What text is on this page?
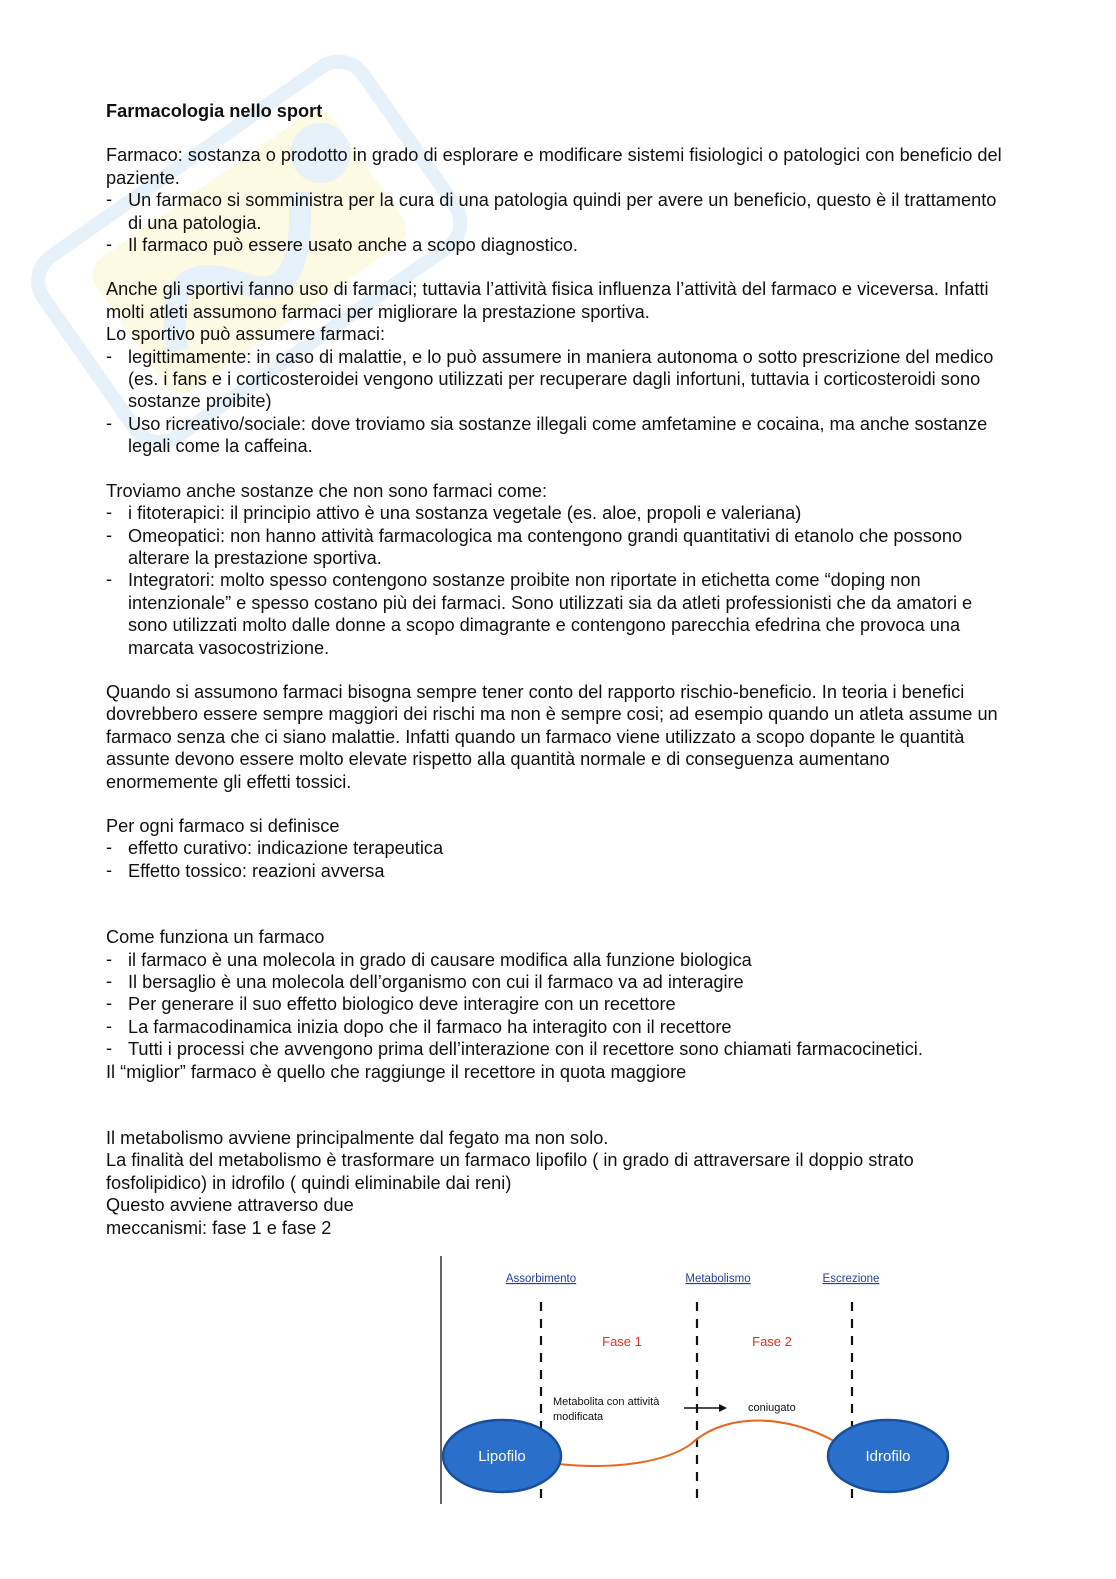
Farmacologia nello sport

Farmaco: sostanza o prodotto in grado di esplorare e modificare sistemi fisiologici o patologici con beneficio del paziente.

- Un farmaco si somministra per la cura di una patologia quindi per avere un beneficio, questo è il trattamento di una patologia.
- Il farmaco può essere usato anche a scopo diagnostico.

Anche gli sportivi fanno uso di farmaci; tuttavia l’attività fisica influenza l’attività del farmaco e viceversa. Infatti molti atleti assumono farmaci per migliorare la prestazione sportiva.

Lo sportivo può assumere farmaci:

- legittimamente: in caso di malattie, e lo può assumere in maniera autonoma o sotto prescrizione del medico (es. i fans e i corticosteroidei vengono utilizzati per recuperare dagli infortuni, tuttavia i corticosteroidi sono sostanze proibite)
- Uso ricreativo/sociale: dove troviamo sia sostanze illegali come amfetamine e cocaina, ma anche sostanze legali come la caffeina.

Troviamo anche sostanze che non sono farmaci come:

- i fitoterapici: il principio attivo è una sostanza vegetale (es. aloe, propoli e valeriana)
- Omeopatici: non hanno attività farmacologica ma contengono grandi quantitativi di etanolo che possono alterare la prestazione sportiva.
- Integratori: molto spesso contengono sostanze proibite non riportate in etichetta come “doping non intenzionale” e spesso costano più dei farmaci. Sono utilizzati sia da atleti professionisti che da amatori e sono utilizzati molto dalle donne a scopo dimagrante e contengono parecchia efedrina che provoca una marcata vasocostrizione.

Quando si assumono farmaci bisogna sempre tener conto del rapporto rischio-beneficio. In teoria i benefici dovrebbero essere sempre maggiori dei rischi ma non è sempre cosi; ad esempio quando un atleta assume un farmaco senza che ci siano malattie. Infatti quando un farmaco viene utilizzato a scopo dopante le quantità assunte devono essere molto elevate rispetto alla quantità normale e di conseguenza aumentano enormemente gli effetti tossici.

Per ogni farmaco si definisce

- effetto curativo: indicazione terapeutica
- Effetto tossico: reazioni avversa

Come funziona un farmaco

- il farmaco è una molecola in grado di causare modifica alla funzione biologica
- Il bersaglio è una molecola dell’organismo con cui il farmaco va ad interagire
- Per generare il suo effetto biologico deve interagire con un recettore
- La farmacodinamica inizia dopo che il farmaco ha interagito con il recettore
- Tutti i processi che avvengono prima dell’interazione con il recettore sono chiamati farmacocinetici.

Il “miglior” farmaco è quello che raggiunge il recettore in quota maggiore

Il metabolismo avviene principalmente dal fegato ma non solo.

La finalità del metabolismo è trasformare un farmaco lipofilo ( in grado di attraversare il doppio strato fosfolipidico) in idrofilo ( quindi eliminabile dai reni)

Questo avviene attraverso due

meccanismi: fase 1 e fase 2

Assorbimento	Metabolismo	Escrezione
Fase 1	Fase 2
Metabolita con attività
modificata
coniugato
Lipofilo	Idrofilo
